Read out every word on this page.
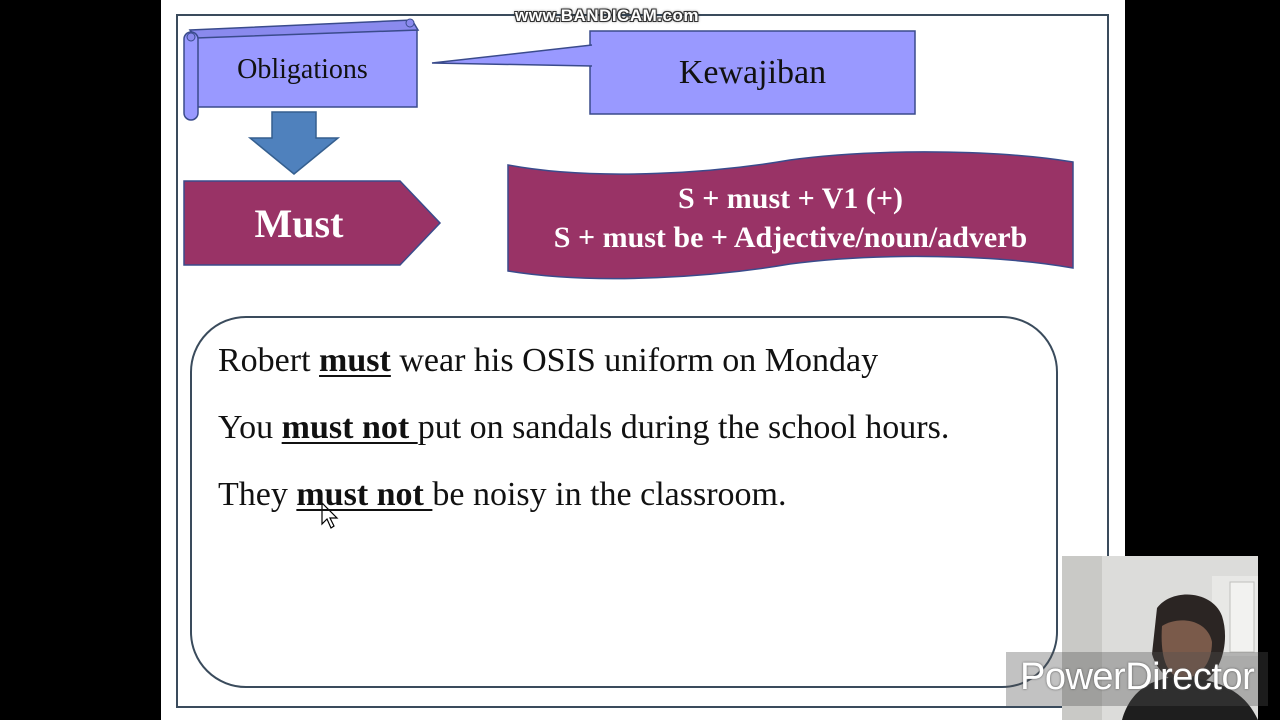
www.BANDICAM.com
Obligations	Kewajiban
Must
S + must + V1 (+)
S + must be + Adjective/noun/adverb
Robert must wear his OSIS uniform on Monday
You must not put on sandals during the school hours.
They must not be noisy in the classroom.
PowerDirector
